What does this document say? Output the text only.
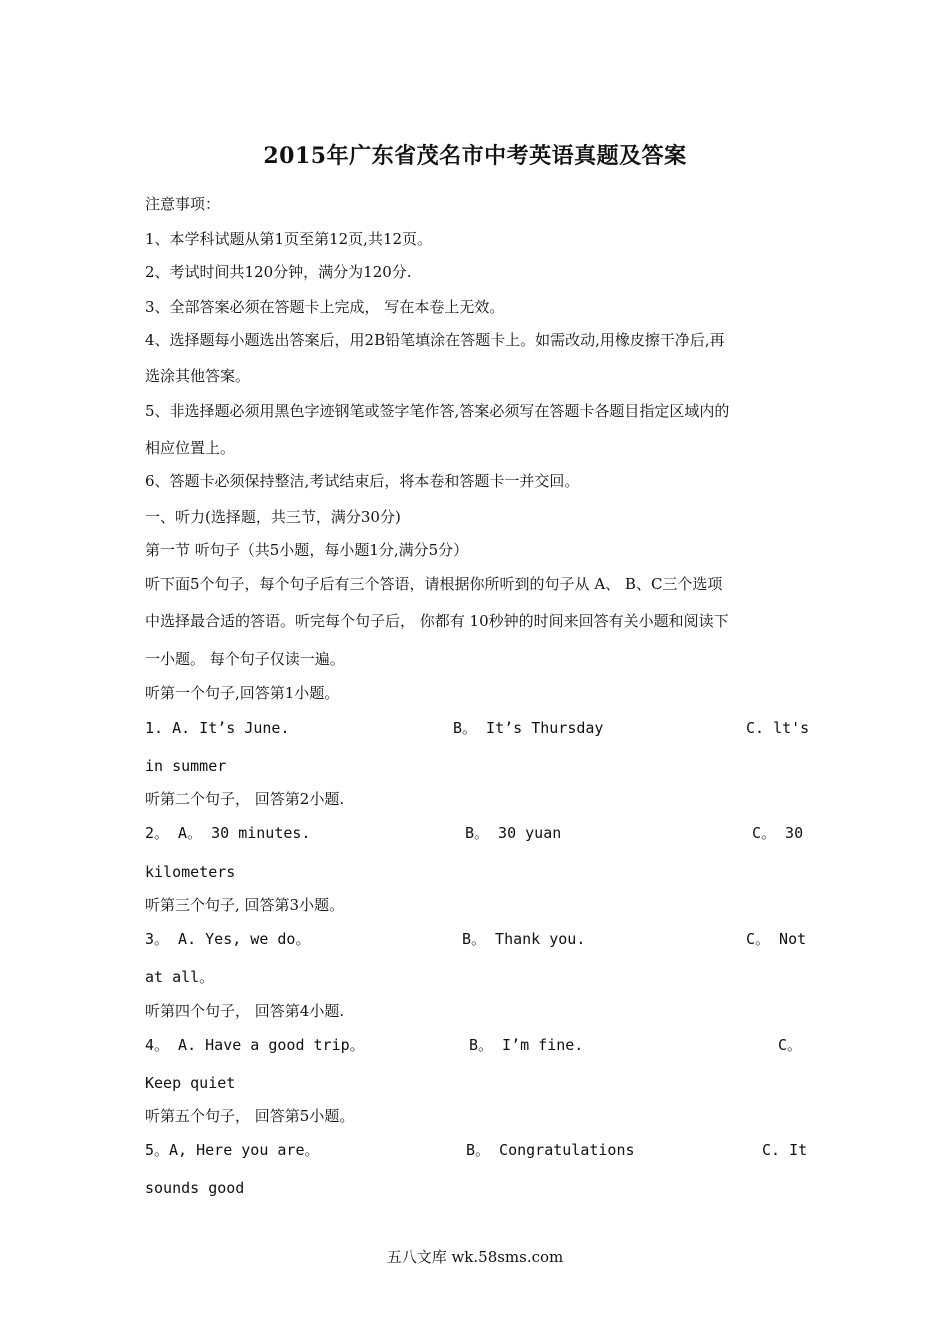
2015年广东省茂名市中考英语真题及答案
注意事项：
1、本学科试题从第1页至第12页,共12页。
2、考试时间共120分钟，满分为120分.
3、全部答案必须在答题卡上完成， 写在本卷上无效。
4、选择题每小题选出答案后，用2B铅笔填涂在答题卡上。如需改动,用橡皮擦干净后,再
选涂其他答案。
5、非选择题必须用黑色字迹钢笔或签字笔作答,答案必须写在答题卡各题目指定区域内的
相应位置上。
6、答题卡必须保持整洁,考试结束后，将本卷和答题卡一并交回。
一、听力(选择题，共三节，满分30分)
第一节 听句子（共5小题，每小题1分,满分5分）
听下面5个句子，每个句子后有三个答语，请根据你所听到的句子从 A、 B、C三个选项
中选择最合适的答语。听完每个句子后， 你都有 10秒钟的时间来回答有关小题和阅读下
一小题。 每个句子仅读一遍。
听第一个句子,回答第1小题。
1. A. It’s June.	B。 It’s Thursday	C. lt's
in summer
听第二个句子， 回答第2小题.
2。 A。 30 minutes.	B。 30 yuan	C。 30
kilometers
听第三个句子, 回答第3小题。
3。 A. Yes, we do。	B。 Thank you.	C。 Not
at all。
听第四个句子， 回答第4小题.
4。 A. Have a good trip。	B。 I’m fine.	C。
Keep quiet
听第五个句子， 回答第5小题。
5。A, Here you are。	B。 Congratulations	C. It
sounds good
五八文库 wk.58sms.com
